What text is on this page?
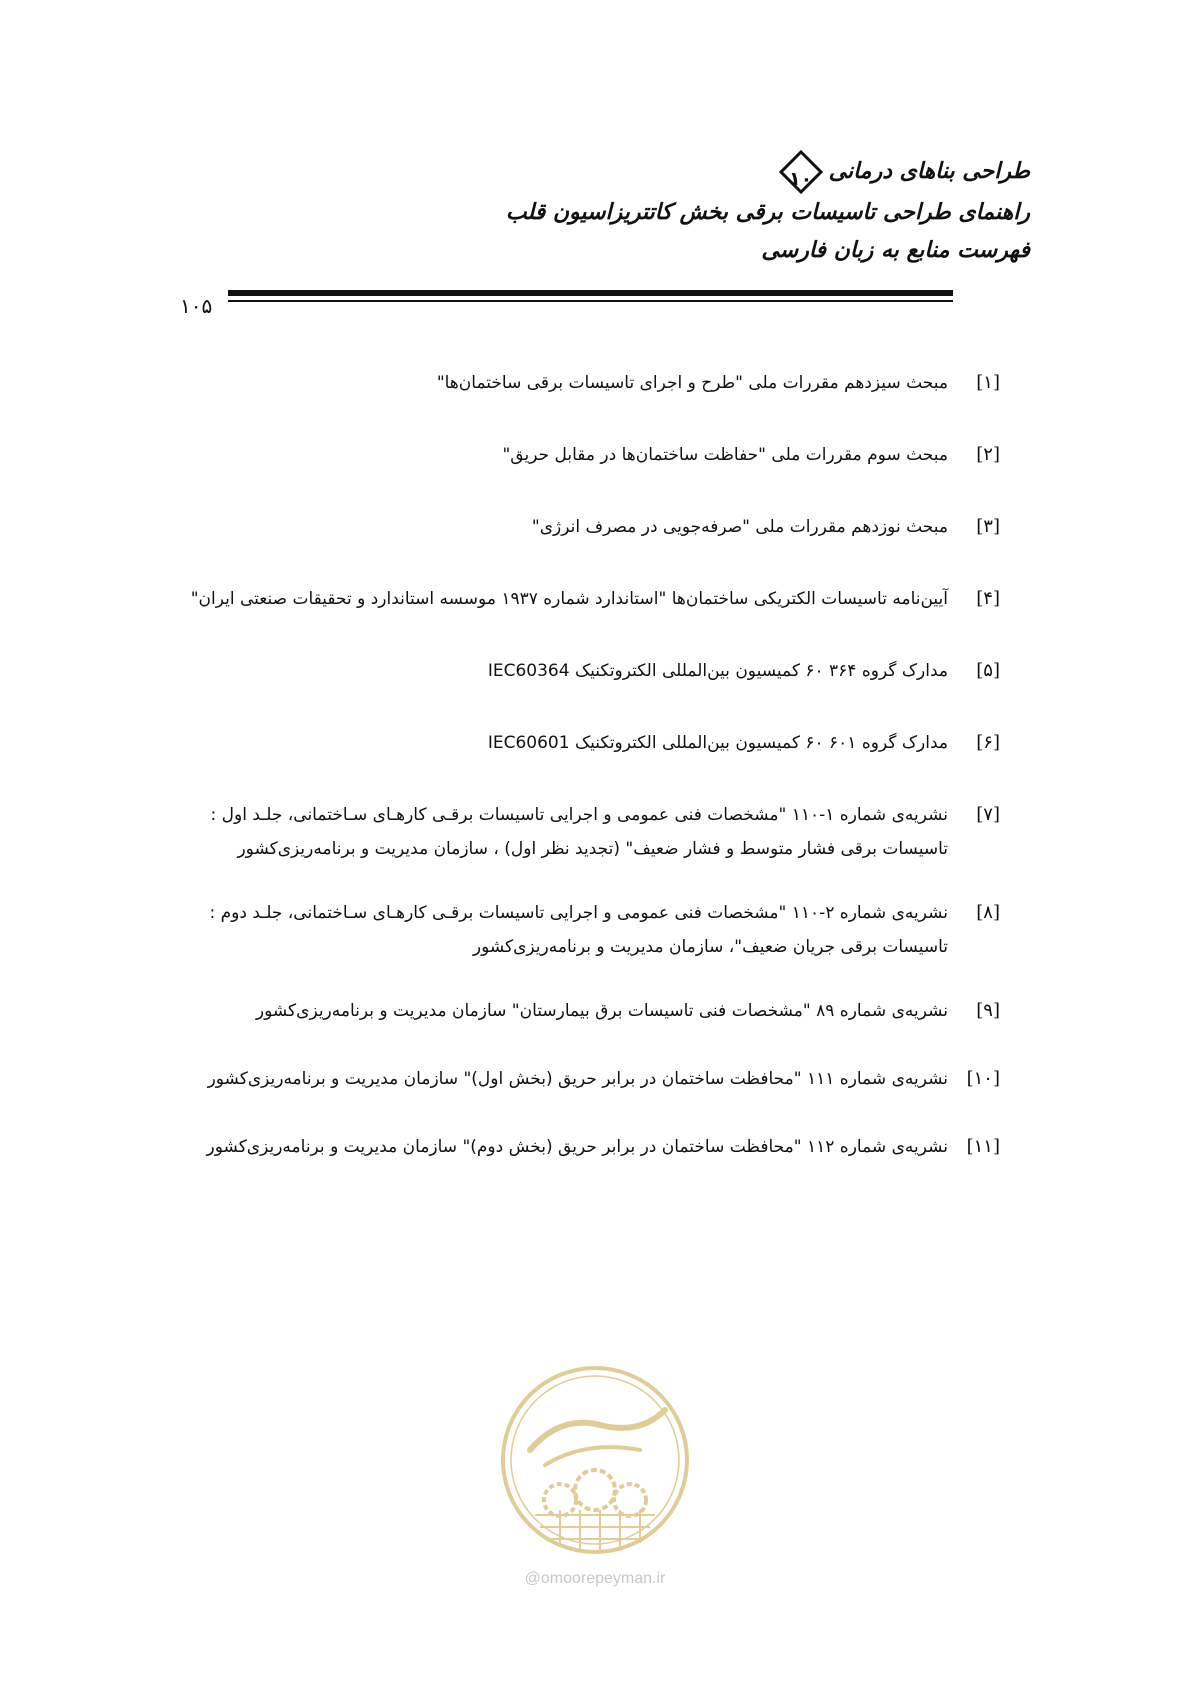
طراحی بناهای درمانی
۱۰
راهنمای طراحی تاسیسات برقی بخش کاتتریزاسیون قلب
فهرست منابع به زبان فارسی
۱۰۵
[۱]
مبحث سیزدهم مقررات ملی "طرح و اجرای تاسیسات برقی ساختمان‌ها"
[۲]
مبحث سوم مقررات ملی "حفاظت ساختمان‌ها در مقابل حریق"
[۳]
مبحث نوزدهم مقررات ملی "صرفه‌جویی در مصرف انرژی"
[۴]
آیین‌نامه تاسیسات الکتریکی ساختمان‌ها "استاندارد شماره ۱۹۳۷ موسسه استاندارد و تحقیقات صنعتی ایران"
[۵]
مدارک گروه ۳۶۴ ۶۰ کمیسیون بین‌المللی الکتروتکنیک IEC60364
[۶]
مدارک گروه ۶۰۱ ۶۰ کمیسیون بین‌المللی الکتروتکنیک IEC60601
[۷]
نشریه‌ی شماره ۱-۱۱۰ "مشخصات فنی عمومی و اجرایی تاسیسات برقـی کارهـای سـاختمانی، جلـد اول :
تاسیسات برقی فشار متوسط و فشار ضعیف" (تجدید نظر اول) ، سازمان مدیریت و برنامه‌ریزی‌کشور
[۸]
نشریه‌ی شماره ۲-۱۱۰ "مشخصات فنی عمومی و اجرایی تاسیسات برقـی کارهـای سـاختمانی، جلـد دوم :
تاسیسات برقی جریان ضعیف"، سازمان مدیریت و برنامه‌ریزی‌کشور
[۹]
نشریه‌ی شماره ۸۹ "مشخصات فنی تاسیسات برق بیمارستان" سازمان مدیریت و برنامه‌ریزی‌کشور
[۱۰]
نشریه‌ی شماره ۱۱۱ "محافظت ساختمان در برابر حریق (بخش اول)" سازمان مدیریت و برنامه‌ریزی‌کشور
[۱۱]
نشریه‌ی شماره ۱۱۲ "محافظت ساختمان در برابر حریق (بخش دوم)" سازمان مدیریت و برنامه‌ریزی‌کشور
@omoorepeyman.ir
